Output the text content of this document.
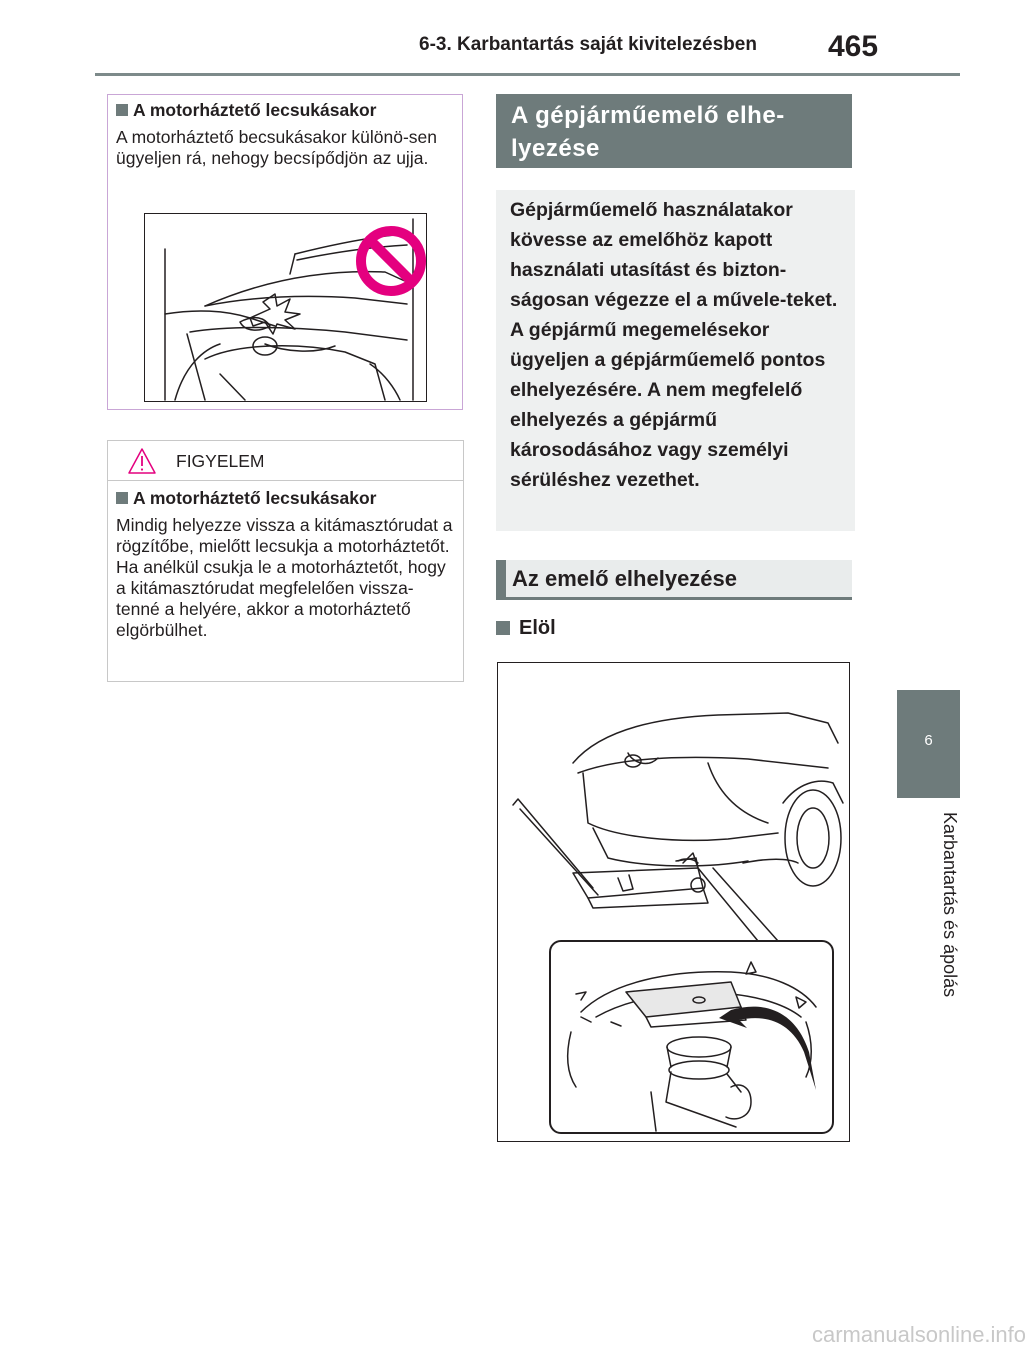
6-3. Karbantartás saját kivitelezésben 465
6
Karbantartás és ápolás
A motorháztető lecsukásakor
A motorháztető becsukásakor különö-sen ügyeljen rá, nehogy becsípődjön az ujja.
FIGYELEM
A motorháztető lecsukásakor
Mindig helyezze vissza a kitámasztórudat a rögzítőbe, mielőtt lecsukja a motorháztetőt. Ha anélkül csukja le a motorháztetőt, hogy a kitámasztórudat megfelelően vissza-tenné a helyére, akkor a motorháztető elgörbülhet.
A gépjárműemelő elhe-lyezése
Gépjárműemelő használatakor kövesse az emelőhöz kapott használati utasítást és bizton-ságosan végezze el a művele-teket. A gépjármű megemelésekor ügyeljen a gépjárműemelő pontos elhelyezésére. A nem megfelelő elhelyezés a gépjármű károsodásához vagy személyi sérüléshez vezethet.
Az emelő elhelyezése
Elöl
carmanualsonline.info
